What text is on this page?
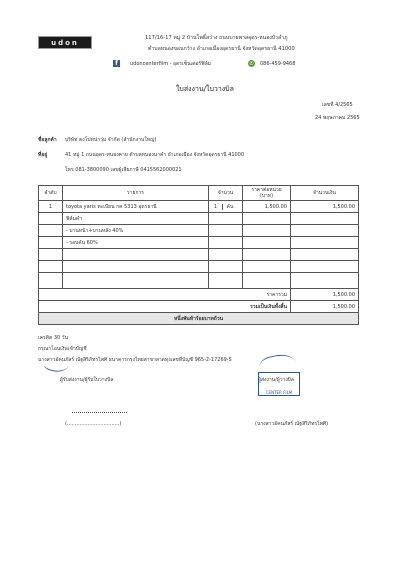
udon
117/16-17 หมู่ 2 บ้านโพธิ์สว่าง ถนนบายพาสอุดร-หนองบัวลำภู
ตำบลหนองขอนกว้าง อำเภอเมืองอุดรธานี จังหวัดอุดรธานี 41000
f	udoncenterfilm - อุดรเซ็นเตอร์ฟิล์ม	✆ 086-459-9468
ใบส่งงาน/ใบวางบิล
เลขที่ 4/2565
24 พฤษภาคม 2565
ชื่อลูกค้า บริษัท ตงโปหน่าวุ่ม จำกัด (สำนักงานใหญ่)
ที่อยู่	41 หมู่ 1 ถนนอุดร-หนองคาย ตำบลหนองนาคำ อำเภอเมือง จังหวัดอุดรธานี 41000
โทร 081-3800090 เลขผู้เสียภาษี 0415562000021
ลำดับ	รายการ	จำนวน	ราคาต่อหน่วย (บาท)	จำนวนเงิน
1	toyota yaris ทะเบียน กค 5313 อุดรธานี	1 คัน	1,500.00	1,500.00
	ฟิล์มดำ			
	- บานหน้า+บานหลัง 40%			
	- รอบคัน 60%			

ราคารวม				1,500.00
รวมเป็นเงินทั้งสิ้น				1,500.00
หนึ่งพันห้าร้อยบาทถ้วน				
เครดิต 30 วัน
กรุณาโอนเงินเข้าบัญชี
นางสาวอัคนภัสร์ ณัฐสิริภัทรไพศิ ธนาคารกรุงไทยสาขาลาดทุงเลขที่บัญชี 965-2-17269-5
ผู้รับส่งงาน/ผู้รับใบวางบิล
(.................................)
ผู้ส่งงาน/ผู้วางบิล
CENTER FILM
(นางสาวอัคนภัสร์ ณัฐสิริภัทรไพศิ)
